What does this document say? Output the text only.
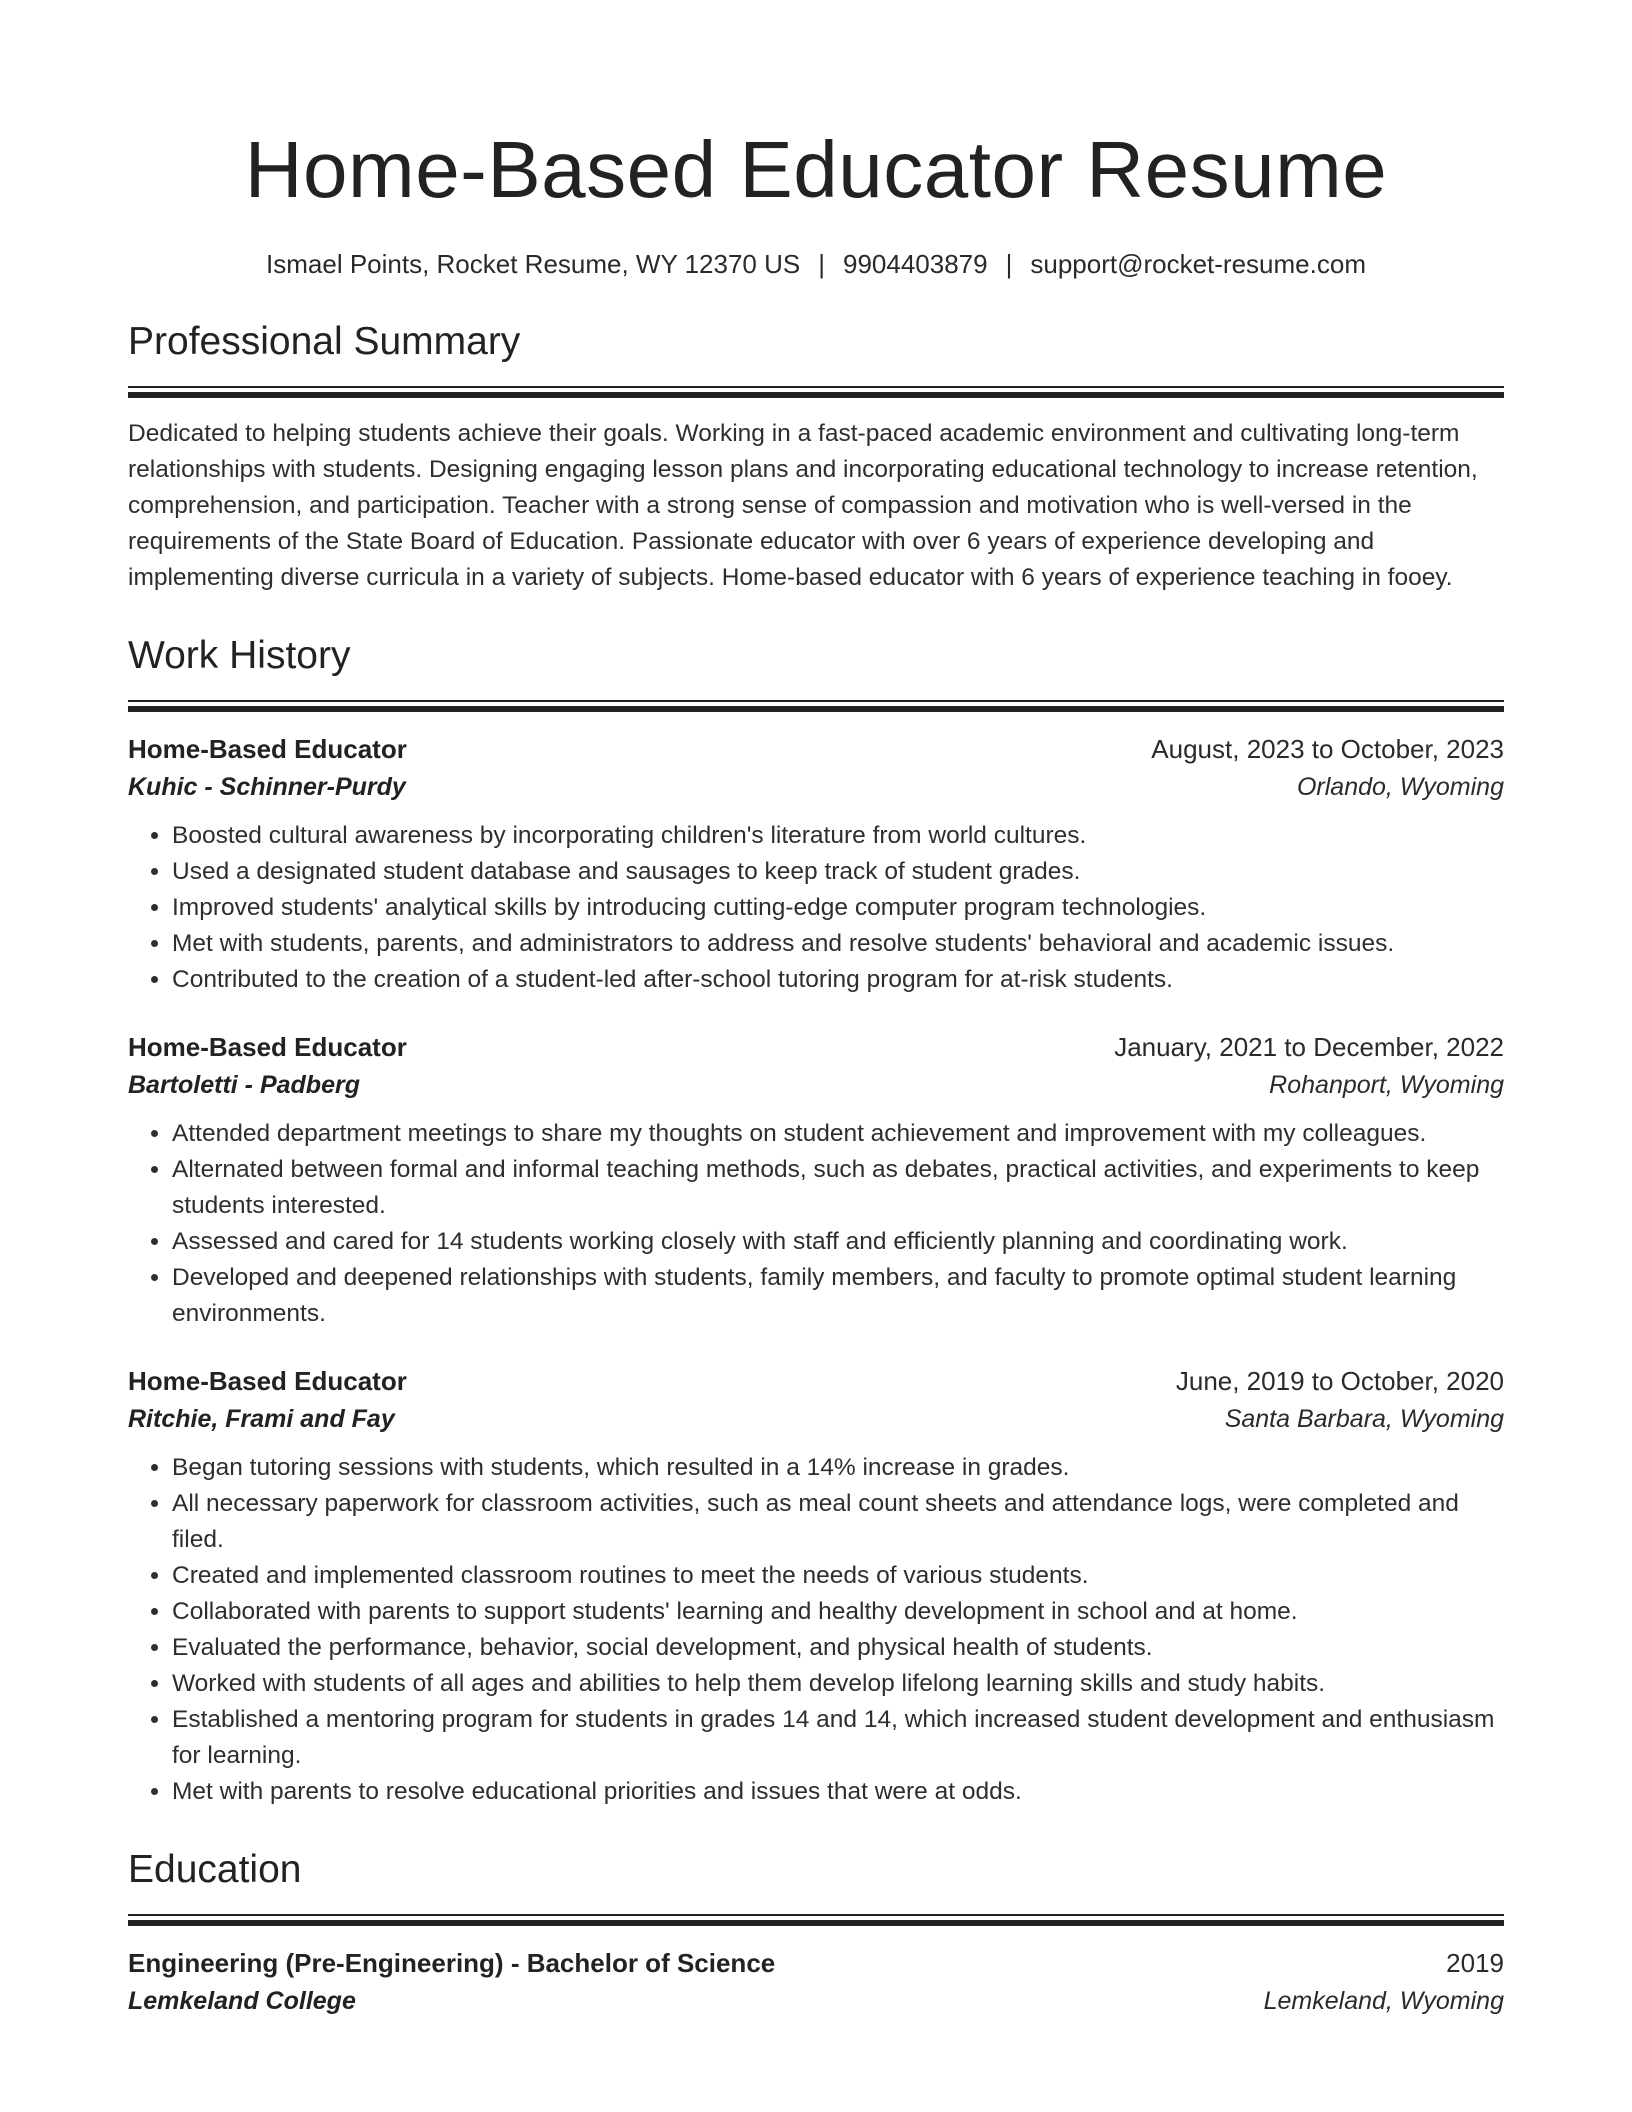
Home-Based Educator Resume
Ismael Points, Rocket Resume, WY 12370 US | 9904403879 | support@rocket-resume.com
Professional Summary
Dedicated to helping students achieve their goals. Working in a fast-paced academic environment and cultivating long-term relationships with students. Designing engaging lesson plans and incorporating educational technology to increase retention, comprehension, and participation. Teacher with a strong sense of compassion and motivation who is well-versed in the requirements of the State Board of Education. Passionate educator with over 6 years of experience developing and implementing diverse curricula in a variety of subjects. Home-based educator with 6 years of experience teaching in fooey.
Work History
Home-Based Educator	August, 2023 to October, 2023
Kuhic - Schinner-Purdy	Orlando, Wyoming
• Boosted cultural awareness by incorporating children's literature from world cultures.
• Used a designated student database and sausages to keep track of student grades.
• Improved students' analytical skills by introducing cutting-edge computer program technologies.
• Met with students, parents, and administrators to address and resolve students' behavioral and academic issues.
• Contributed to the creation of a student-led after-school tutoring program for at-risk students.
Home-Based Educator	January, 2021 to December, 2022
Bartoletti - Padberg	Rohanport, Wyoming
• Attended department meetings to share my thoughts on student achievement and improvement with my colleagues.
• Alternated between formal and informal teaching methods, such as debates, practical activities, and experiments to keep students interested.
• Assessed and cared for 14 students working closely with staff and efficiently planning and coordinating work.
• Developed and deepened relationships with students, family members, and faculty to promote optimal student learning environments.
Home-Based Educator	June, 2019 to October, 2020
Ritchie, Frami and Fay	Santa Barbara, Wyoming
• Began tutoring sessions with students, which resulted in a 14% increase in grades.
• All necessary paperwork for classroom activities, such as meal count sheets and attendance logs, were completed and filed.
• Created and implemented classroom routines to meet the needs of various students.
• Collaborated with parents to support students' learning and healthy development in school and at home.
• Evaluated the performance, behavior, social development, and physical health of students.
• Worked with students of all ages and abilities to help them develop lifelong learning skills and study habits.
• Established a mentoring program for students in grades 14 and 14, which increased student development and enthusiasm for learning.
• Met with parents to resolve educational priorities and issues that were at odds.
Education
Engineering (Pre-Engineering) - Bachelor of Science	2019
Lemkeland College	Lemkeland, Wyoming
